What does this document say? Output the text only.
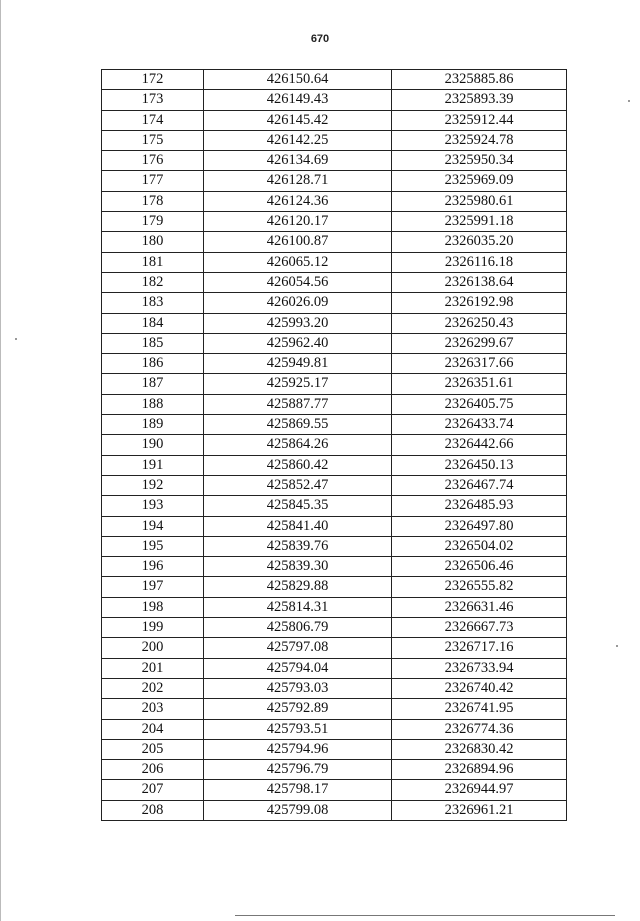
670
172	426150.64	2325885.86
173	426149.43	2325893.39
174	426145.42	2325912.44
175	426142.25	2325924.78
176	426134.69	2325950.34
177	426128.71	2325969.09
178	426124.36	2325980.61
179	426120.17	2325991.18
180	426100.87	2326035.20
181	426065.12	2326116.18
182	426054.56	2326138.64
183	426026.09	2326192.98
184	425993.20	2326250.43
185	425962.40	2326299.67
186	425949.81	2326317.66
187	425925.17	2326351.61
188	425887.77	2326405.75
189	425869.55	2326433.74
190	425864.26	2326442.66
191	425860.42	2326450.13
192	425852.47	2326467.74
193	425845.35	2326485.93
194	425841.40	2326497.80
195	425839.76	2326504.02
196	425839.30	2326506.46
197	425829.88	2326555.82
198	425814.31	2326631.46
199	425806.79	2326667.73
200	425797.08	2326717.16
201	425794.04	2326733.94
202	425793.03	2326740.42
203	425792.89	2326741.95
204	425793.51	2326774.36
205	425794.96	2326830.42
206	425796.79	2326894.96
207	425798.17	2326944.97
208	425799.08	2326961.21
